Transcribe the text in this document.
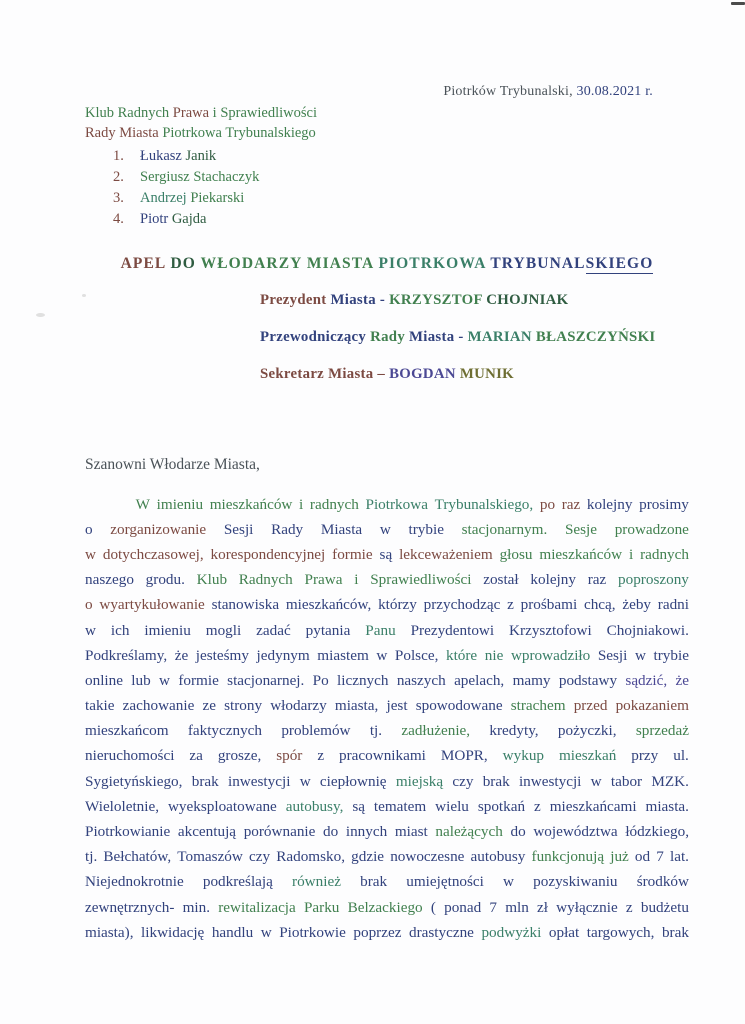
Piotrków Trybunalski, 30.08.2021 r.
Klub Radnych Prawa i Sprawiedliwości
Rady Miasta Piotrkowa Trybunalskiego
1. Łukasz Janik
2. Sergiusz Stachaczyk
3. Andrzej Piekarski
4. Piotr Gajda
APEL DO WŁODARZY MIASTA PIOTRKOWA TRYBUNALSKIEGO
Prezydent Miasta - KRZYSZTOF CHOJNIAK
Przewodniczący Rady Miasta - MARIAN BŁASZCZYŃSKI
Sekretarz Miasta – BOGDAN MUNIK
Szanowni Włodarze Miasta,
W imieniu mieszkańców i radnych Piotrkowa Trybunalskiego, po raz kolejny prosimy
o zorganizowanie Sesji Rady Miasta w trybie stacjonarnym. Sesje prowadzone
w dotychczasowej, korespondencyjnej formie są lekceważeniem głosu mieszkańców i radnych
naszego grodu. Klub Radnych Prawa i Sprawiedliwości został kolejny raz poproszony
o wyartykułowanie stanowiska mieszkańców, którzy przychodząc z prośbami chcą, żeby radni
w ich imieniu mogli zadać pytania Panu Prezydentowi Krzysztofowi Chojniakowi.
Podkreślamy, że jesteśmy jedynym miastem w Polsce, które nie wprowadziło Sesji w trybie
online lub w formie stacjonarnej. Po licznych naszych apelach, mamy podstawy sądzić, że
takie zachowanie ze strony włodarzy miasta, jest spowodowane strachem przed pokazaniem
mieszkańcom faktycznych problemów tj. zadłużenie, kredyty, pożyczki, sprzedaż
nieruchomości za grosze, spór z pracownikami MOPR, wykup mieszkań przy ul.
Sygietyńskiego, brak inwestycji w ciepłownię miejską czy brak inwestycji w tabor MZK.
Wieloletnie, wyeksploatowane autobusy, są tematem wielu spotkań z mieszkańcami miasta.
Piotrkowianie akcentują porównanie do innych miast należących do województwa łódzkiego,
tj. Bełchatów, Tomaszów czy Radomsko, gdzie nowoczesne autobusy funkcjonują już od 7 lat.
Niejednokrotnie podkreślają również brak umiejętności w pozyskiwaniu środków
zewnętrznych- min. rewitalizacja Parku Belzackiego ( ponad 7 mln zł wyłącznie z budżetu
miasta), likwidację handlu w Piotrkowie poprzez drastyczne podwyżki opłat targowych, brak
